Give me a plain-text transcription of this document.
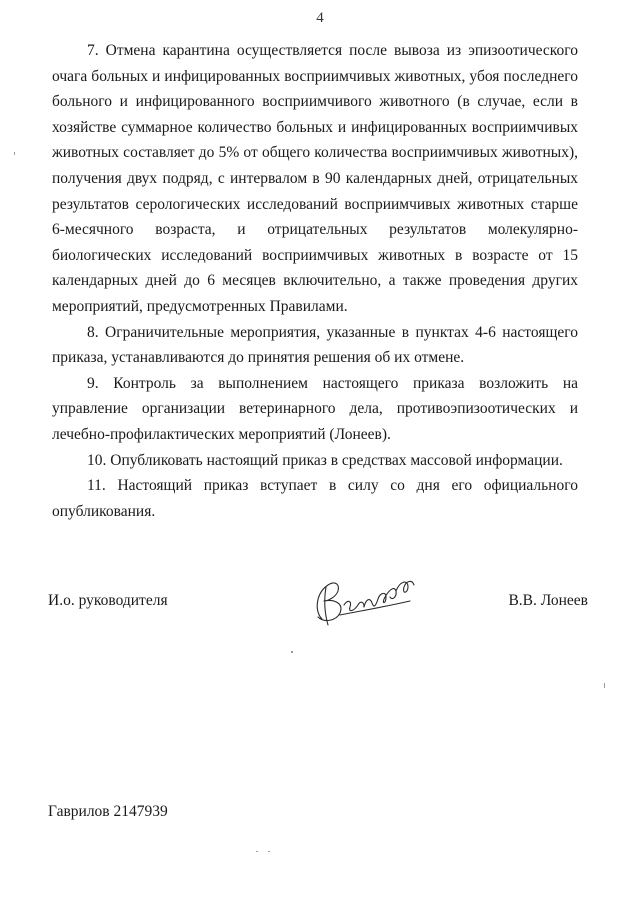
4

7. Отмена карантина осуществляется после вывоза из эпизоотического очага больных и инфицированных восприимчивых животных, убоя последнего больного и инфицированного восприимчивого животного (в случае, если в хозяйстве суммарное количество больных и инфицированных восприимчивых животных составляет до 5% от общего количества восприимчивых животных), получения двух подряд, с интервалом в 90 календарных дней, отрицательных результатов серологических исследований восприимчивых животных старше 6-месячного возраста, и отрицательных результатов молекулярно-биологических исследований восприимчивых животных в возрасте от 15 календарных дней до 6 месяцев включительно, а также проведения других мероприятий, предусмотренных Правилами.

8. Ограничительные мероприятия, указанные в пунктах 4-6 настоящего приказа, устанавливаются до принятия решения об их отмене.

9. Контроль за выполнением настоящего приказа возложить на управление организации ветеринарного дела, противоэпизоотических и лечебно-профилактических мероприятий (Лонеев).

10. Опубликовать настоящий приказ в средствах массовой информации.

11. Настоящий приказ вступает в силу со дня его официального опубликования.

И.о. руководителя	В.В. Лонеев
Гаврилов 2147939
